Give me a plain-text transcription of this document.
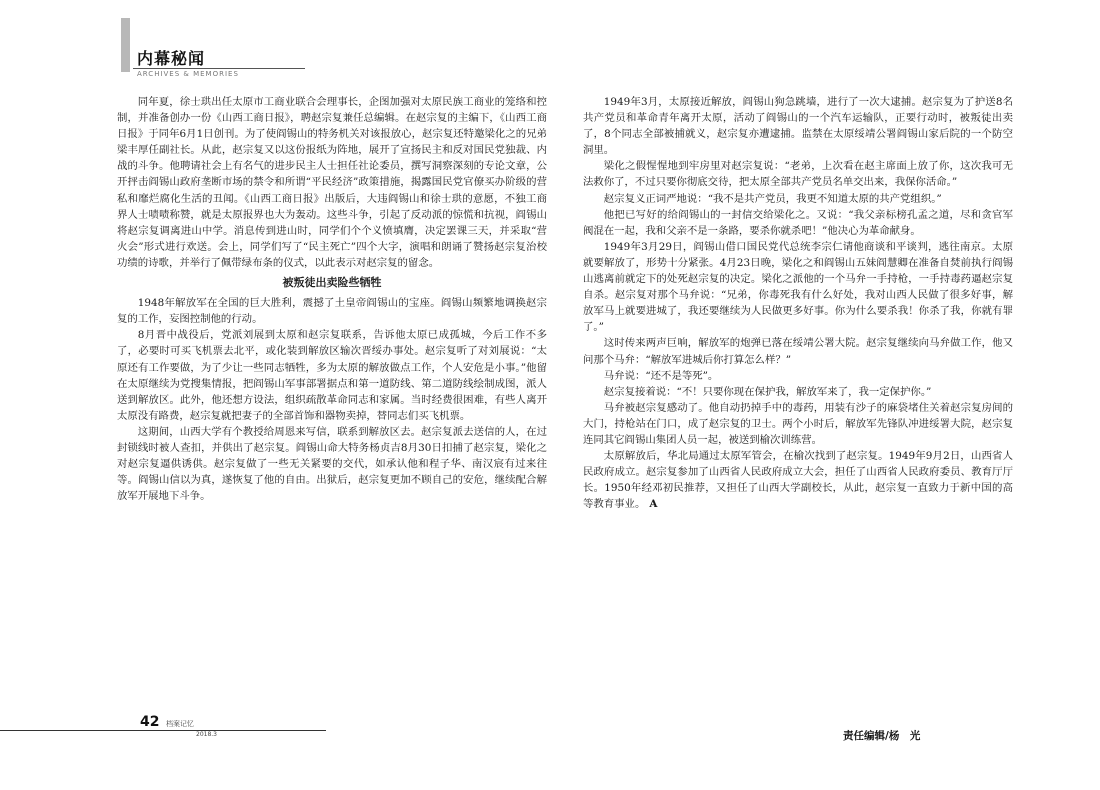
内幕秘闻
ARCHIVES & MEMORIES

同年夏，徐士珙出任太原市工商业联合会理事长，企图加强对太原民族工商业的笼络和控制，并准备创办一份《山西工商日报》，聘赵宗复兼任总编辑。在赵宗复的主编下，《山西工商日报》于同年6月1日创刊。为了使阎锡山的特务机关对该报放心，赵宗复还特邀梁化之的兄弟梁丰厚任副社长。从此，赵宗复又以这份报纸为阵地，展开了宣扬民主和反对国民党独裁、内战的斗争。他聘请社会上有名气的进步民主人士担任社论委员，撰写洞察深刻的专论文章，公开抨击阎锡山政府垄断市场的禁令和所谓“平民经济”政策措施，揭露国民党官僚买办阶级的营私和靡烂腐化生活的丑闻。《山西工商日报》出版后，大违阎锡山和徐士珙的意愿，不独工商界人士啧啧称赞，就是太原报界也大为轰动。这些斗争，引起了反动派的惊慌和抗视，阎锡山将赵宗复调离进山中学。消息传到进山时，同学们个个义愤填膺，决定罢课三天，并采取“营火会”形式进行欢送。会上，同学们写了“民主死亡”四个大字，演唱和朗诵了赞扬赵宗复治校功绩的诗歌，并举行了佩带绿布条的仪式，以此表示对赵宗复的留念。

被叛徒出卖险些牺牲

1948年解放军在全国的巨大胜利，震撼了土皇帝阎锡山的宝座。阎锡山频繁地调换赵宗复的工作，妄图控制他的行动。

8月晋中战役后，党派刘展到太原和赵宗复联系，告诉他太原已成孤城，今后工作不多了，必要时可买飞机票去北平，或化装到解放区输次晋绥办事处。赵宗复听了对刘展说：“太原还有工作要做，为了少让一些同志牺牲，多为太原的解放做点工作，个人安危是小事。”他留在太原继续为党搜集情报，把阎锡山军事部署据点和第一道防线、第二道防线绘制成图，派人送到解放区。此外，他还想方设法，组织疏散革命同志和家属。当时经费很困难，有些人离开太原没有路费，赵宗复就把妻子的全部首饰和器物卖掉，替同志们买飞机票。

这期间，山西大学有个教授给周恩来写信，联系到解放区去。赵宗复派去送信的人，在过封锁线时被人查扣，并供出了赵宗复。阎锡山命大特务杨贞吉8月30日扣捕了赵宗复，梁化之对赵宗复逼供诱供。赵宗复做了一些无关紧要的交代，如承认他和程子华、南汉宸有过来往等。阎锡山信以为真，遂恢复了他的自由。出狱后，赵宗复更加不顾自己的安危，继续配合解放军开展地下斗争。

1949年3月，太原接近解放，阎锡山狗急跳墙，进行了一次大逮捕。赵宗复为了护送8名共产党员和革命青年离开太原，活动了阎锡山的一个汽车运输队，正要行动时，被叛徒出卖了，8个同志全部被捕就义，赵宗复亦遭逮捕。监禁在太原绥靖公署阎锡山家后院的一个防空洞里。

梁化之假惺惺地到牢房里对赵宗复说：“老弟，上次看在赵主席面上放了你，这次我可无法救你了，不过只要你彻底交待，把太原全部共产党员名单交出来，我保你活命。”

赵宗复义正词严地说：“我不是共产党员，我更不知道太原的共产党组织。”

他把已写好的给阎锡山的一封信交给梁化之。又说：“我父亲标榜孔孟之道，尽和贪官军阀混在一起，我和父亲不是一条路，要杀你就杀吧！”他决心为革命献身。

1949年3月29日，阎锡山借口国民党代总统李宗仁请他商谈和平谈判，逃往南京。太原就要解放了，形势十分紧张。4月23日晚，梁化之和阎锡山五妹阎慧卿在准备自焚前执行阎锡山逃离前就定下的处死赵宗复的决定。梁化之派他的一个马弁一手持枪，一手持毒药逼赵宗复自杀。赵宗复对那个马弁说：“兄弟，你毒死我有什么好处，我对山西人民做了很多好事，解放军马上就要进城了，我还要继续为人民做更多好事。你为什么要杀我！你杀了我，你就有罪了。”

这时传来两声巨响，解放军的炮弹已落在绥靖公署大院。赵宗复继续向马弁做工作，他又问那个马弁：“解放军进城后你打算怎么样？”

马弁说：“还不是等死”。

赵宗复接着说：“不！只要你现在保护我，解放军来了，我一定保护你。”

马弁被赵宗复感动了。他自动扔掉手中的毒药，用装有沙子的麻袋堵住关着赵宗复房间的大门，持枪站在门口，成了赵宗复的卫士。两个小时后，解放军先锋队冲进绥署大院，赵宗复连同其它阎锡山集团人员一起，被送到榆次训练营。

太原解放后，华北局通过太原军管会，在榆次找到了赵宗复。1949年9月2日，山西省人民政府成立。赵宗复参加了山西省人民政府成立大会，担任了山西省人民政府委员、教育厅厅长。1950年经邓初民推荐，又担任了山西大学副校长，从此，赵宗复一直致力于新中国的高等教育事业。 A

责任编辑/杨　光
42 档案记忆
2018.3
